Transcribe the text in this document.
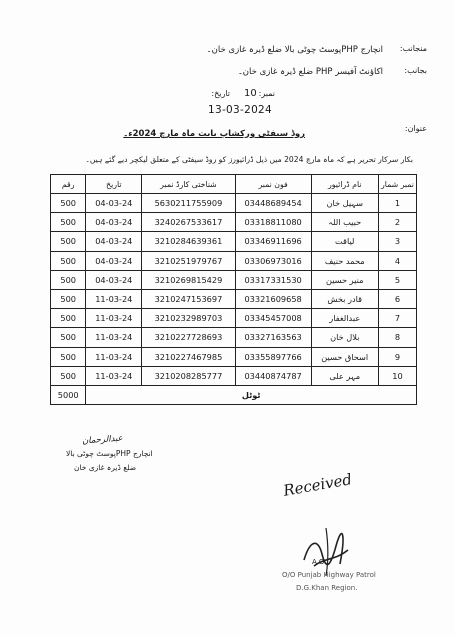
منجانب:
انچارج PHPپوسٹ چوٹی بالا ضلع ڈیرہ غازی خان۔
بجانب:
اکاؤنٹ آفیسر PHP ضلع ڈیرہ غازی خان۔
نمبر:
10
تاریخ:
13-03-2024
عنوان:
روڈ سیفٹی ورکشاپ بابت ماہ مارچ 2024ء۔
بکار سرکار تحریر ہے کہ ماہ مارچ 2024 میں ذیل ڈرائیورز کو روڈ سیفٹی کے متعلق لیکچر دیے گئے ہیں۔
رقم	تاریخ	شناختی کارڈ نمبر	فون نمبر	نام ڈرائیور	نمبر شمار
500	04-03-24	5630211755909	03448689454	سہیل خان	1
500	04-03-24	3240267533617	03318811080	حبیب اللہ	2
500	04-03-24	3210284639361	03346911696	لیاقت	3
500	04-03-24	3210251979767	03306973016	محمد حنیف	4
500	04-03-24	3210269815429	03317331530	منیر حسین	5
500	11-03-24	3210247153697	03321609658	قادر بخش	6
500	11-03-24	3210232989703	03345457008	عبدالغفار	7
500	11-03-24	3210227728693	03327163563	بلال خان	8
500	11-03-24	3210227467985	03355897766	اسحاق حسین	9
500	11-03-24	3210208285777	03440874787	مہر علی	10
5000	ٹوٹل				
عبدالرحمان
انچارج PHPپوسٹ چوٹی بالا
ضلع ڈیرہ غازی خان
Received
A.O
O/O Punjab Highway Patrol
D.G.Khan Region.
